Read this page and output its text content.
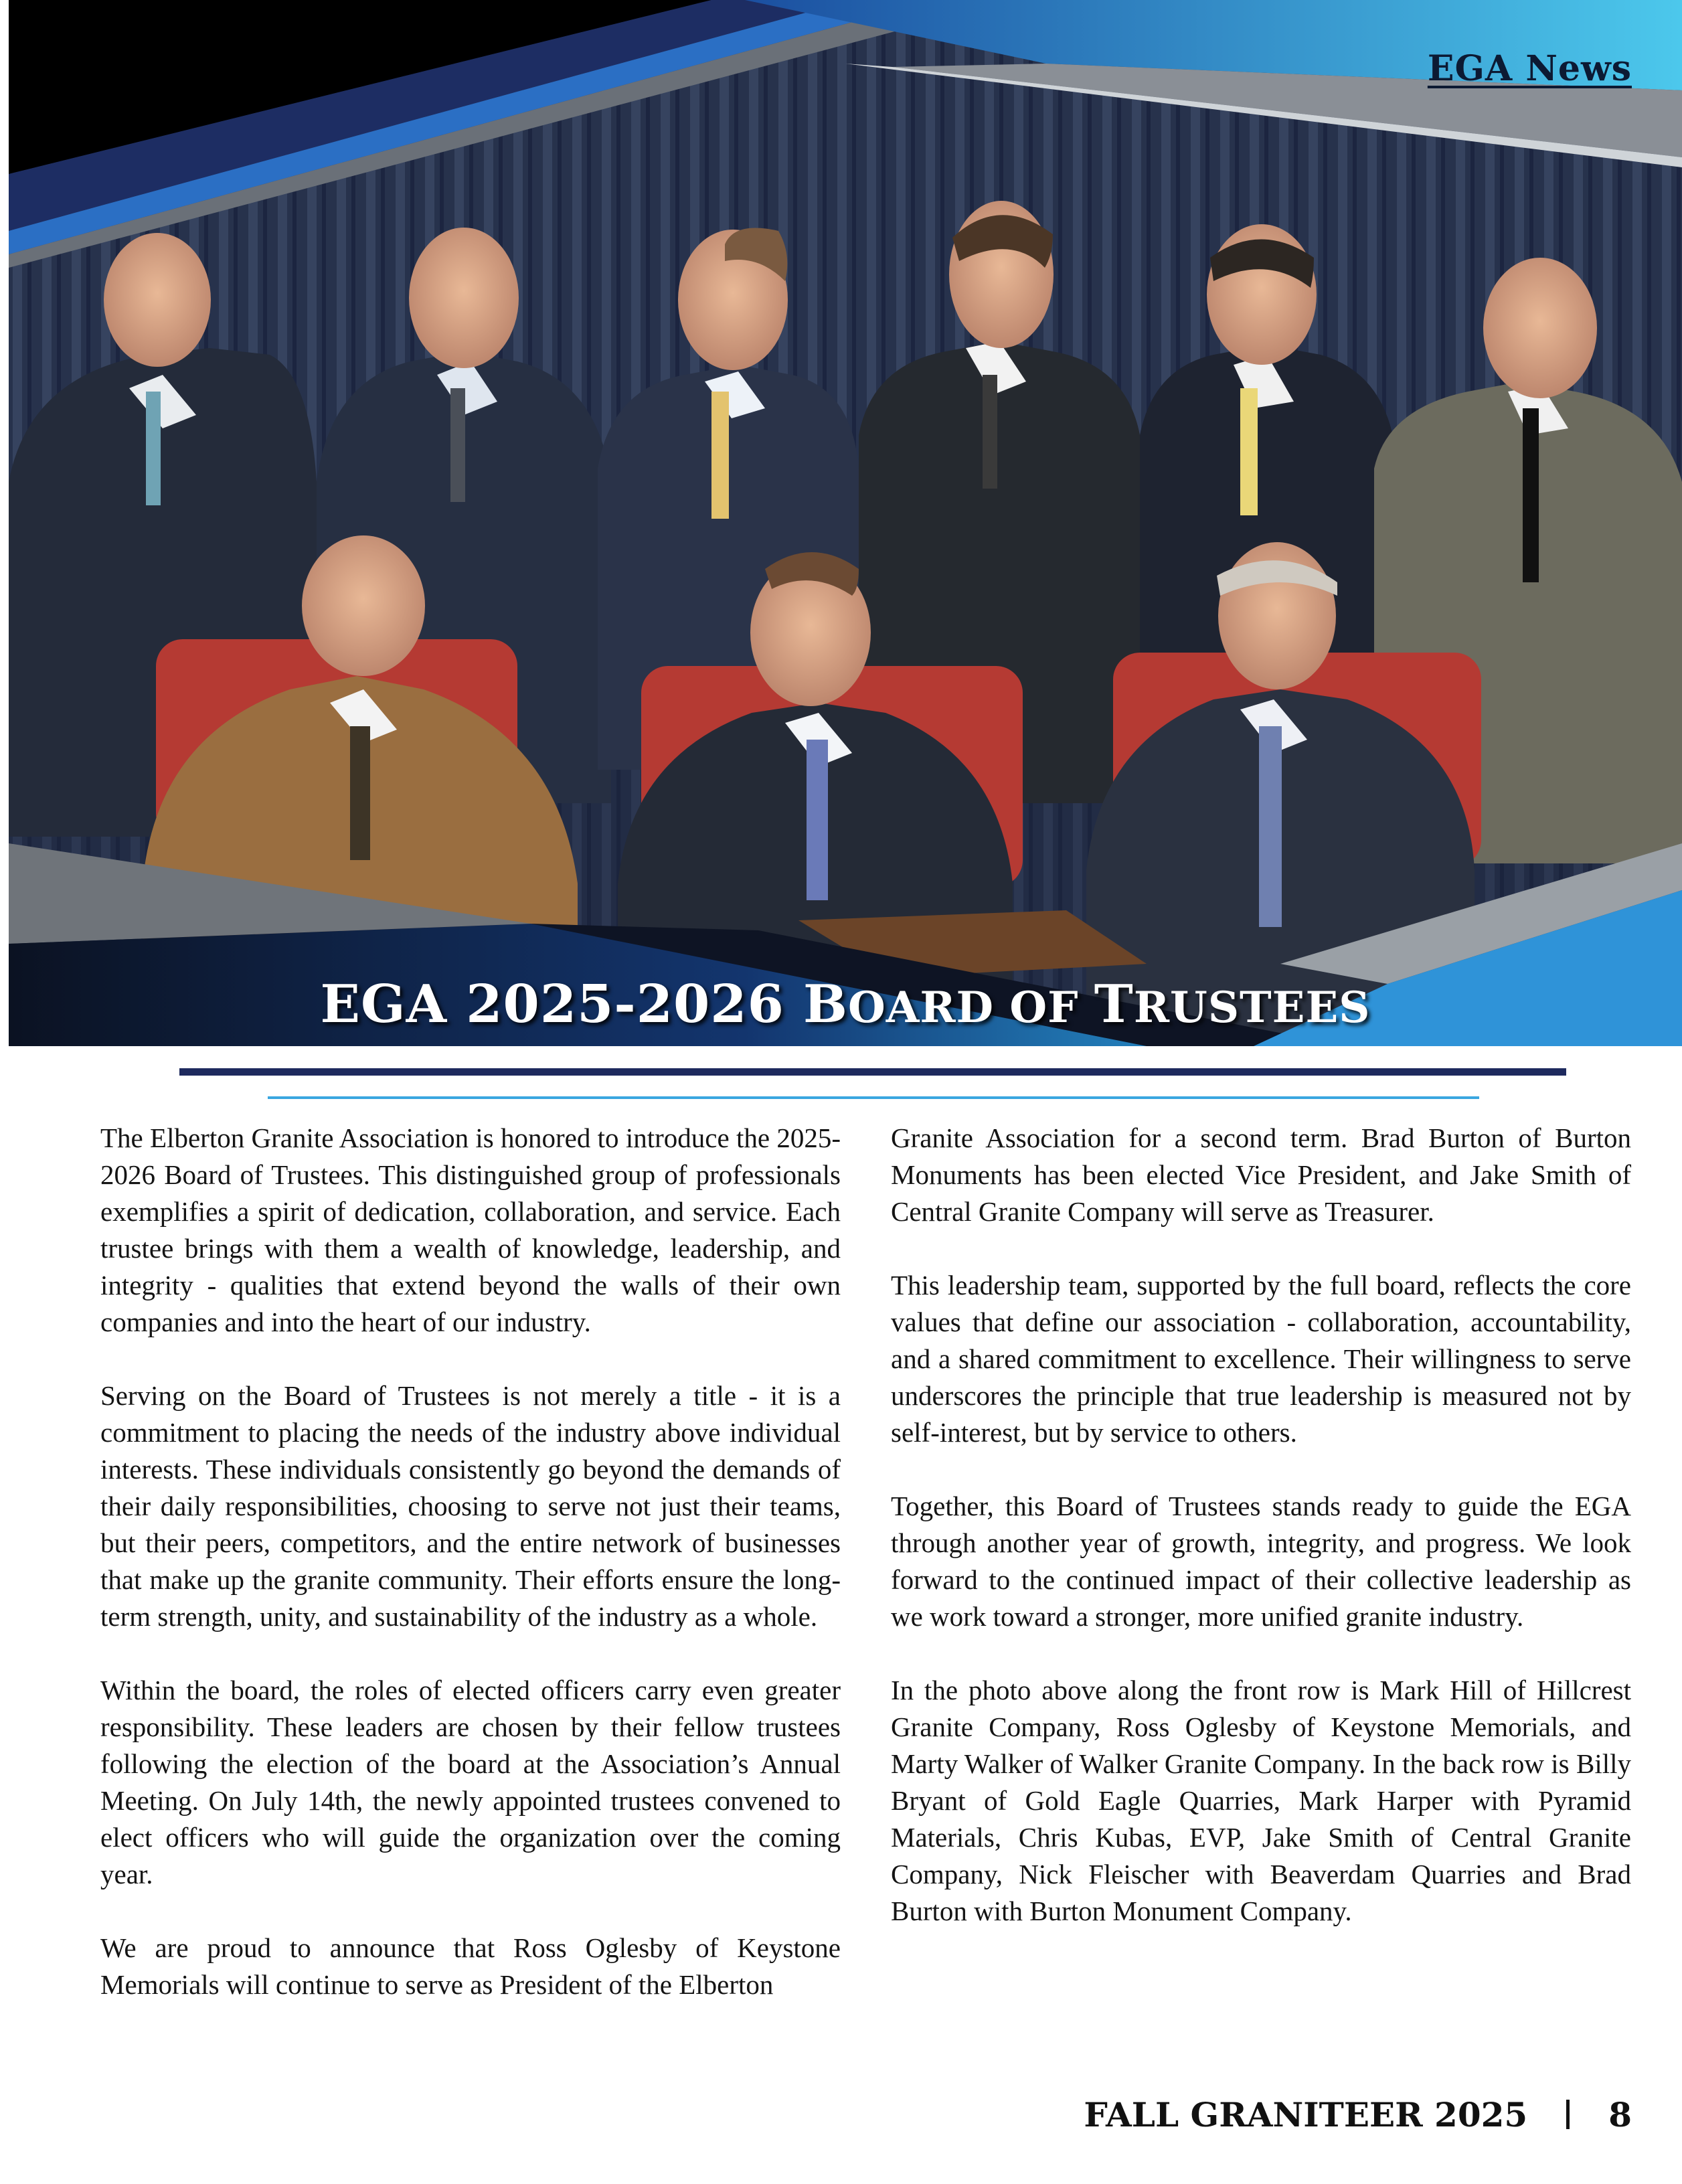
EGA News
EGA 2025-2026 BOARD OF TRUSTEES

The Elberton Granite Association is honored to introduce the 2025-2026 Board of Trustees. This distinguished group of professionals exemplifies a spirit of dedication, collaboration, and service. Each trustee brings with them a wealth of knowledge, leadership, and integrity - qualities that extend beyond the walls of their own companies and into the heart of our industry.

Serving on the Board of Trustees is not merely a title - it is a commitment to placing the needs of the industry above individual interests. These individuals consistently go beyond the demands of their daily responsibilities, choosing to serve not just their teams, but their peers, competitors, and the entire network of businesses that make up the granite community. Their efforts ensure the long-term strength, unity, and sustainability of the industry as a whole.

Within the board, the roles of elected officers carry even greater responsibility. These leaders are chosen by their fellow trustees following the election of the board at the Association’s Annual Meeting. On July 14th, the newly appointed trustees convened to elect officers who will guide the organization over the coming year.

We are proud to announce that Ross Oglesby of Keystone Memorials will continue to serve as President of the Elberton

Granite Association for a second term. Brad Burton of Burton Monuments has been elected Vice President, and Jake Smith of Central Granite Company will serve as Treasurer.

This leadership team, supported by the full board, reflects the core values that define our association - collaboration, accountability, and a shared commitment to excellence. Their willingness to serve underscores the principle that true leadership is measured not by self-interest, but by service to others.

Together, this Board of Trustees stands ready to guide the EGA through another year of growth, integrity, and progress. We look forward to the continued impact of their collective leadership as we work toward a stronger, more unified granite industry.

In the photo above along the front row is Mark Hill of Hillcrest Granite Company, Ross Oglesby of Keystone Memorials, and Marty Walker of Walker Granite Company. In the back row is Billy Bryant of Gold Eagle Quarries, Mark Harper with Pyramid Materials, Chris Kubas, EVP, Jake Smith of Central Granite Company, Nick Fleischer with Beaverdam Quarries and Brad Burton with Burton Monument Company.

FALL GRANITEER 2025 8
